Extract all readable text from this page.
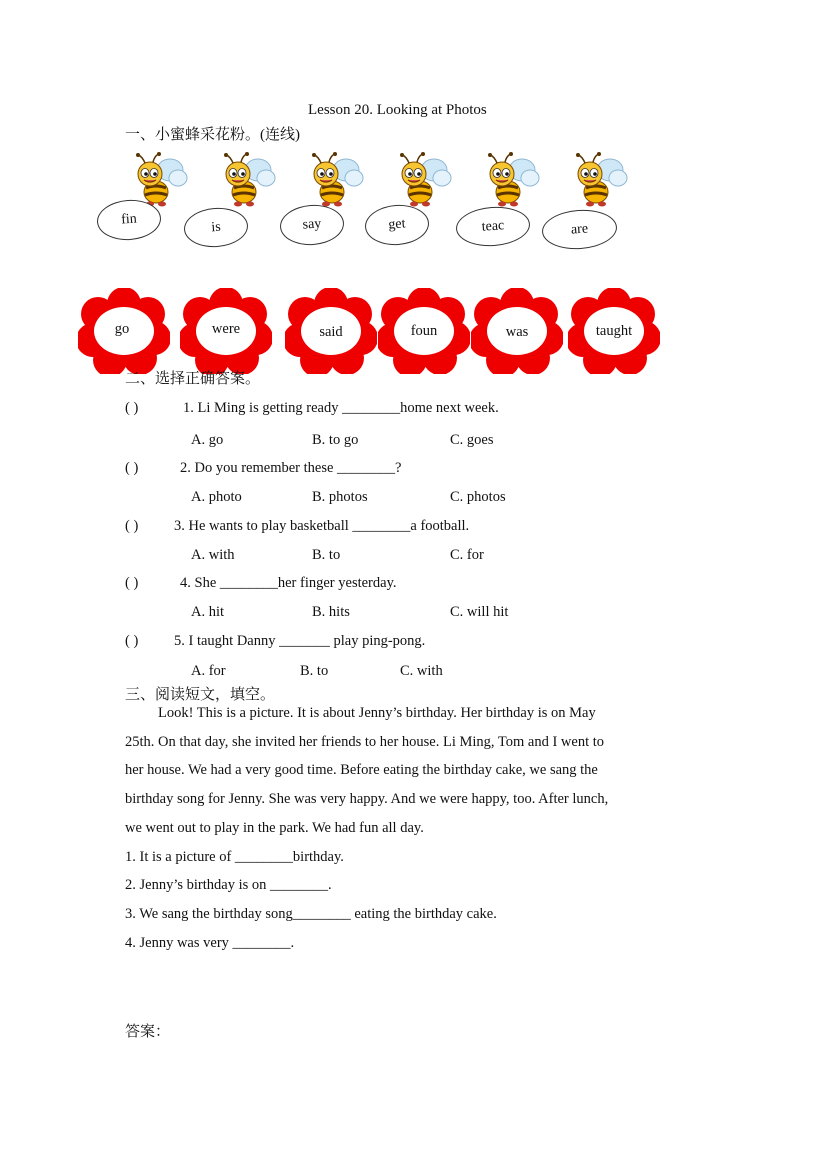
Lesson 20. Looking at Photos
一、小蜜蜂采花粉。(连线)
fin	is	say	get	teac	are
go	were	said	foun	was	taught
二、选择正确答案。
( )	1. Li Ming is getting ready ________home next week.
A. go	B. to go	C. goes
( )	2. Do you remember these ________?
A. photo	B. photos	C. photos
( ) 3. He wants to play basketball ________a football.
A. with	B. to	C. for
( )	4. She ________her finger yesterday.
A. hit	B. hits	C. will hit
( ) 5. I taught Danny _______ play ping-pong.
A. for	B. to	C. with
三、阅读短文，填空。
Look! This is a picture. It is about Jenny’s birthday. Her birthday is on May
25th. On that day, she invited her friends to her house. Li Ming, Tom and I went to
her house. We had a very good time. Before eating the birthday cake, we sang the
birthday song for Jenny. She was very happy. And we were happy, too. After lunch,
we went out to play in the park. We had fun all day.
1. It is a picture of ________birthday.
2. Jenny’s birthday is on ________.
3. We sang the birthday song________ eating the birthday cake.
4. Jenny was very ________.
答案：
